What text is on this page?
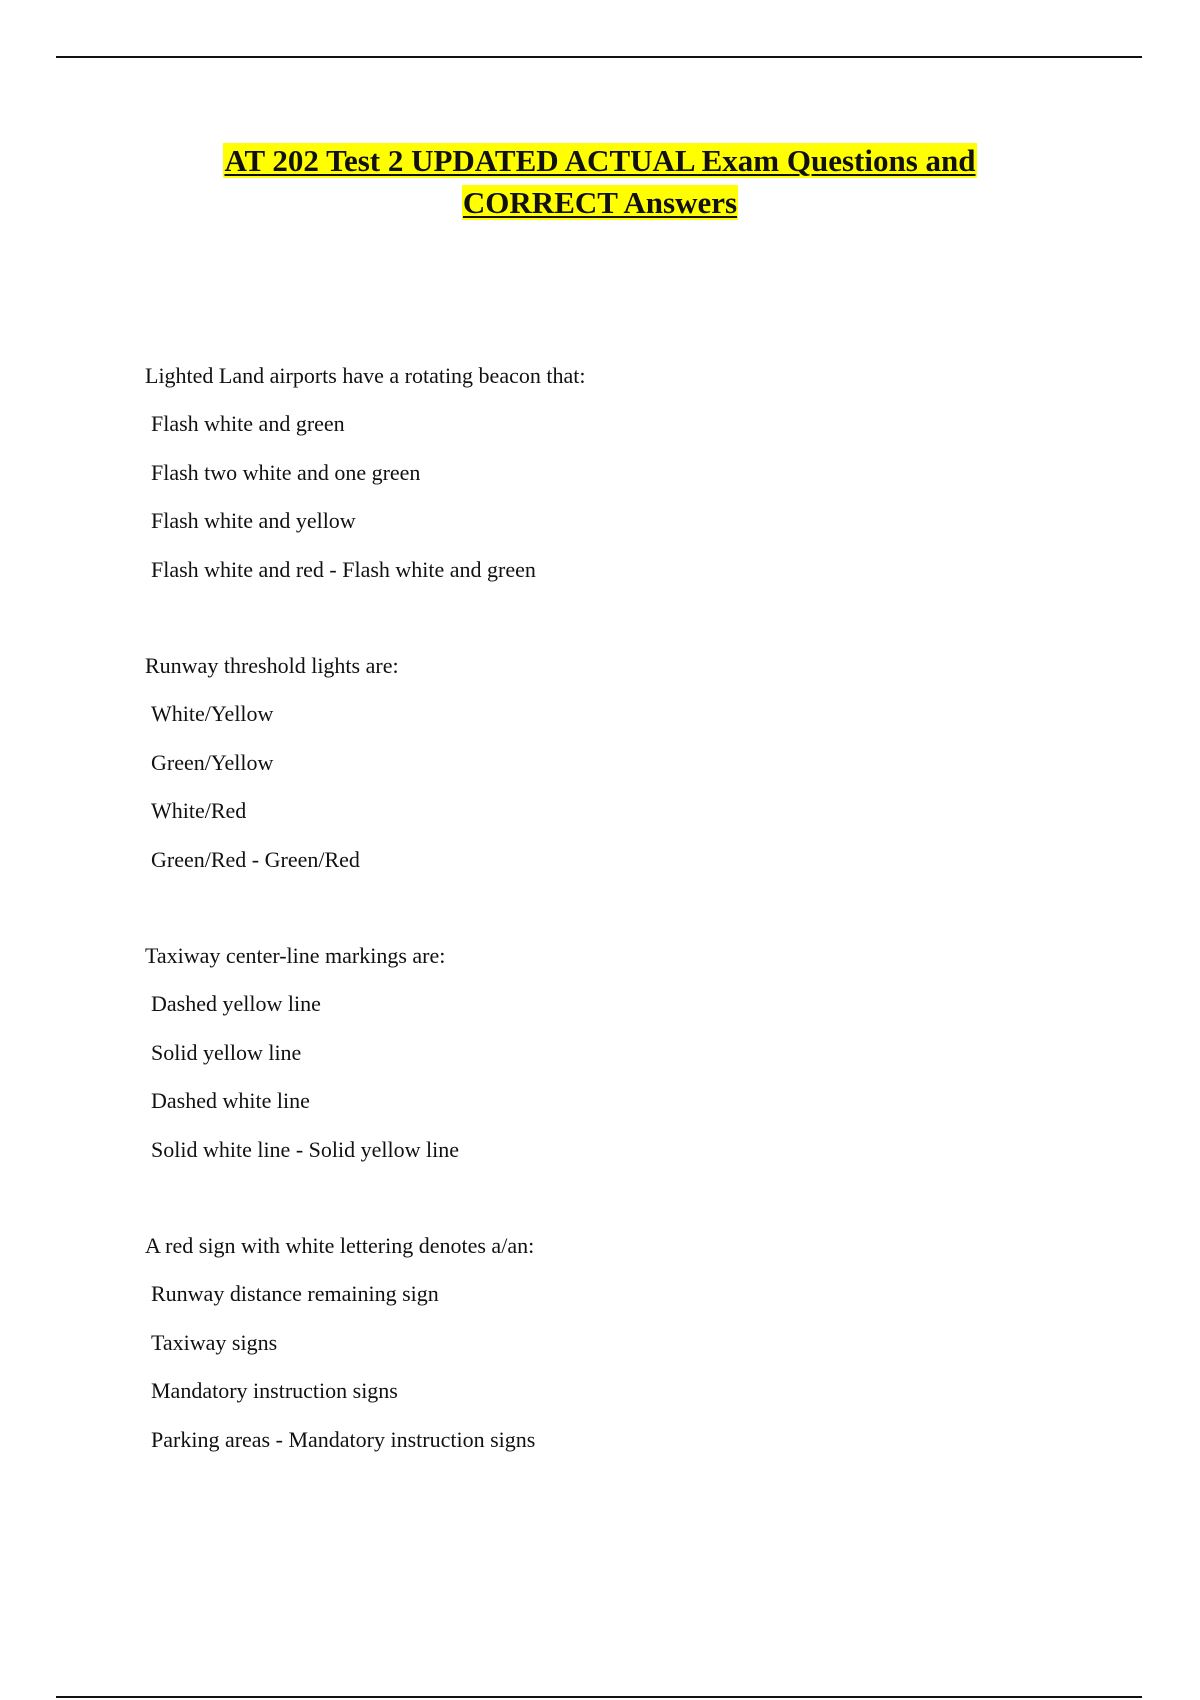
AT 202 Test 2 UPDATED ACTUAL Exam Questions and
CORRECT Answers
Lighted Land airports have a rotating beacon that:
Flash white and green
Flash two white and one green
Flash white and yellow
Flash white and red - Flash white and green
Runway threshold lights are:
White/Yellow
Green/Yellow
White/Red
Green/Red - Green/Red
Taxiway center-line markings are:
Dashed yellow line
Solid yellow line
Dashed white line
Solid white line - Solid yellow line
A red sign with white lettering denotes a/an:
Runway distance remaining sign
Taxiway signs
Mandatory instruction signs
Parking areas - Mandatory instruction signs
